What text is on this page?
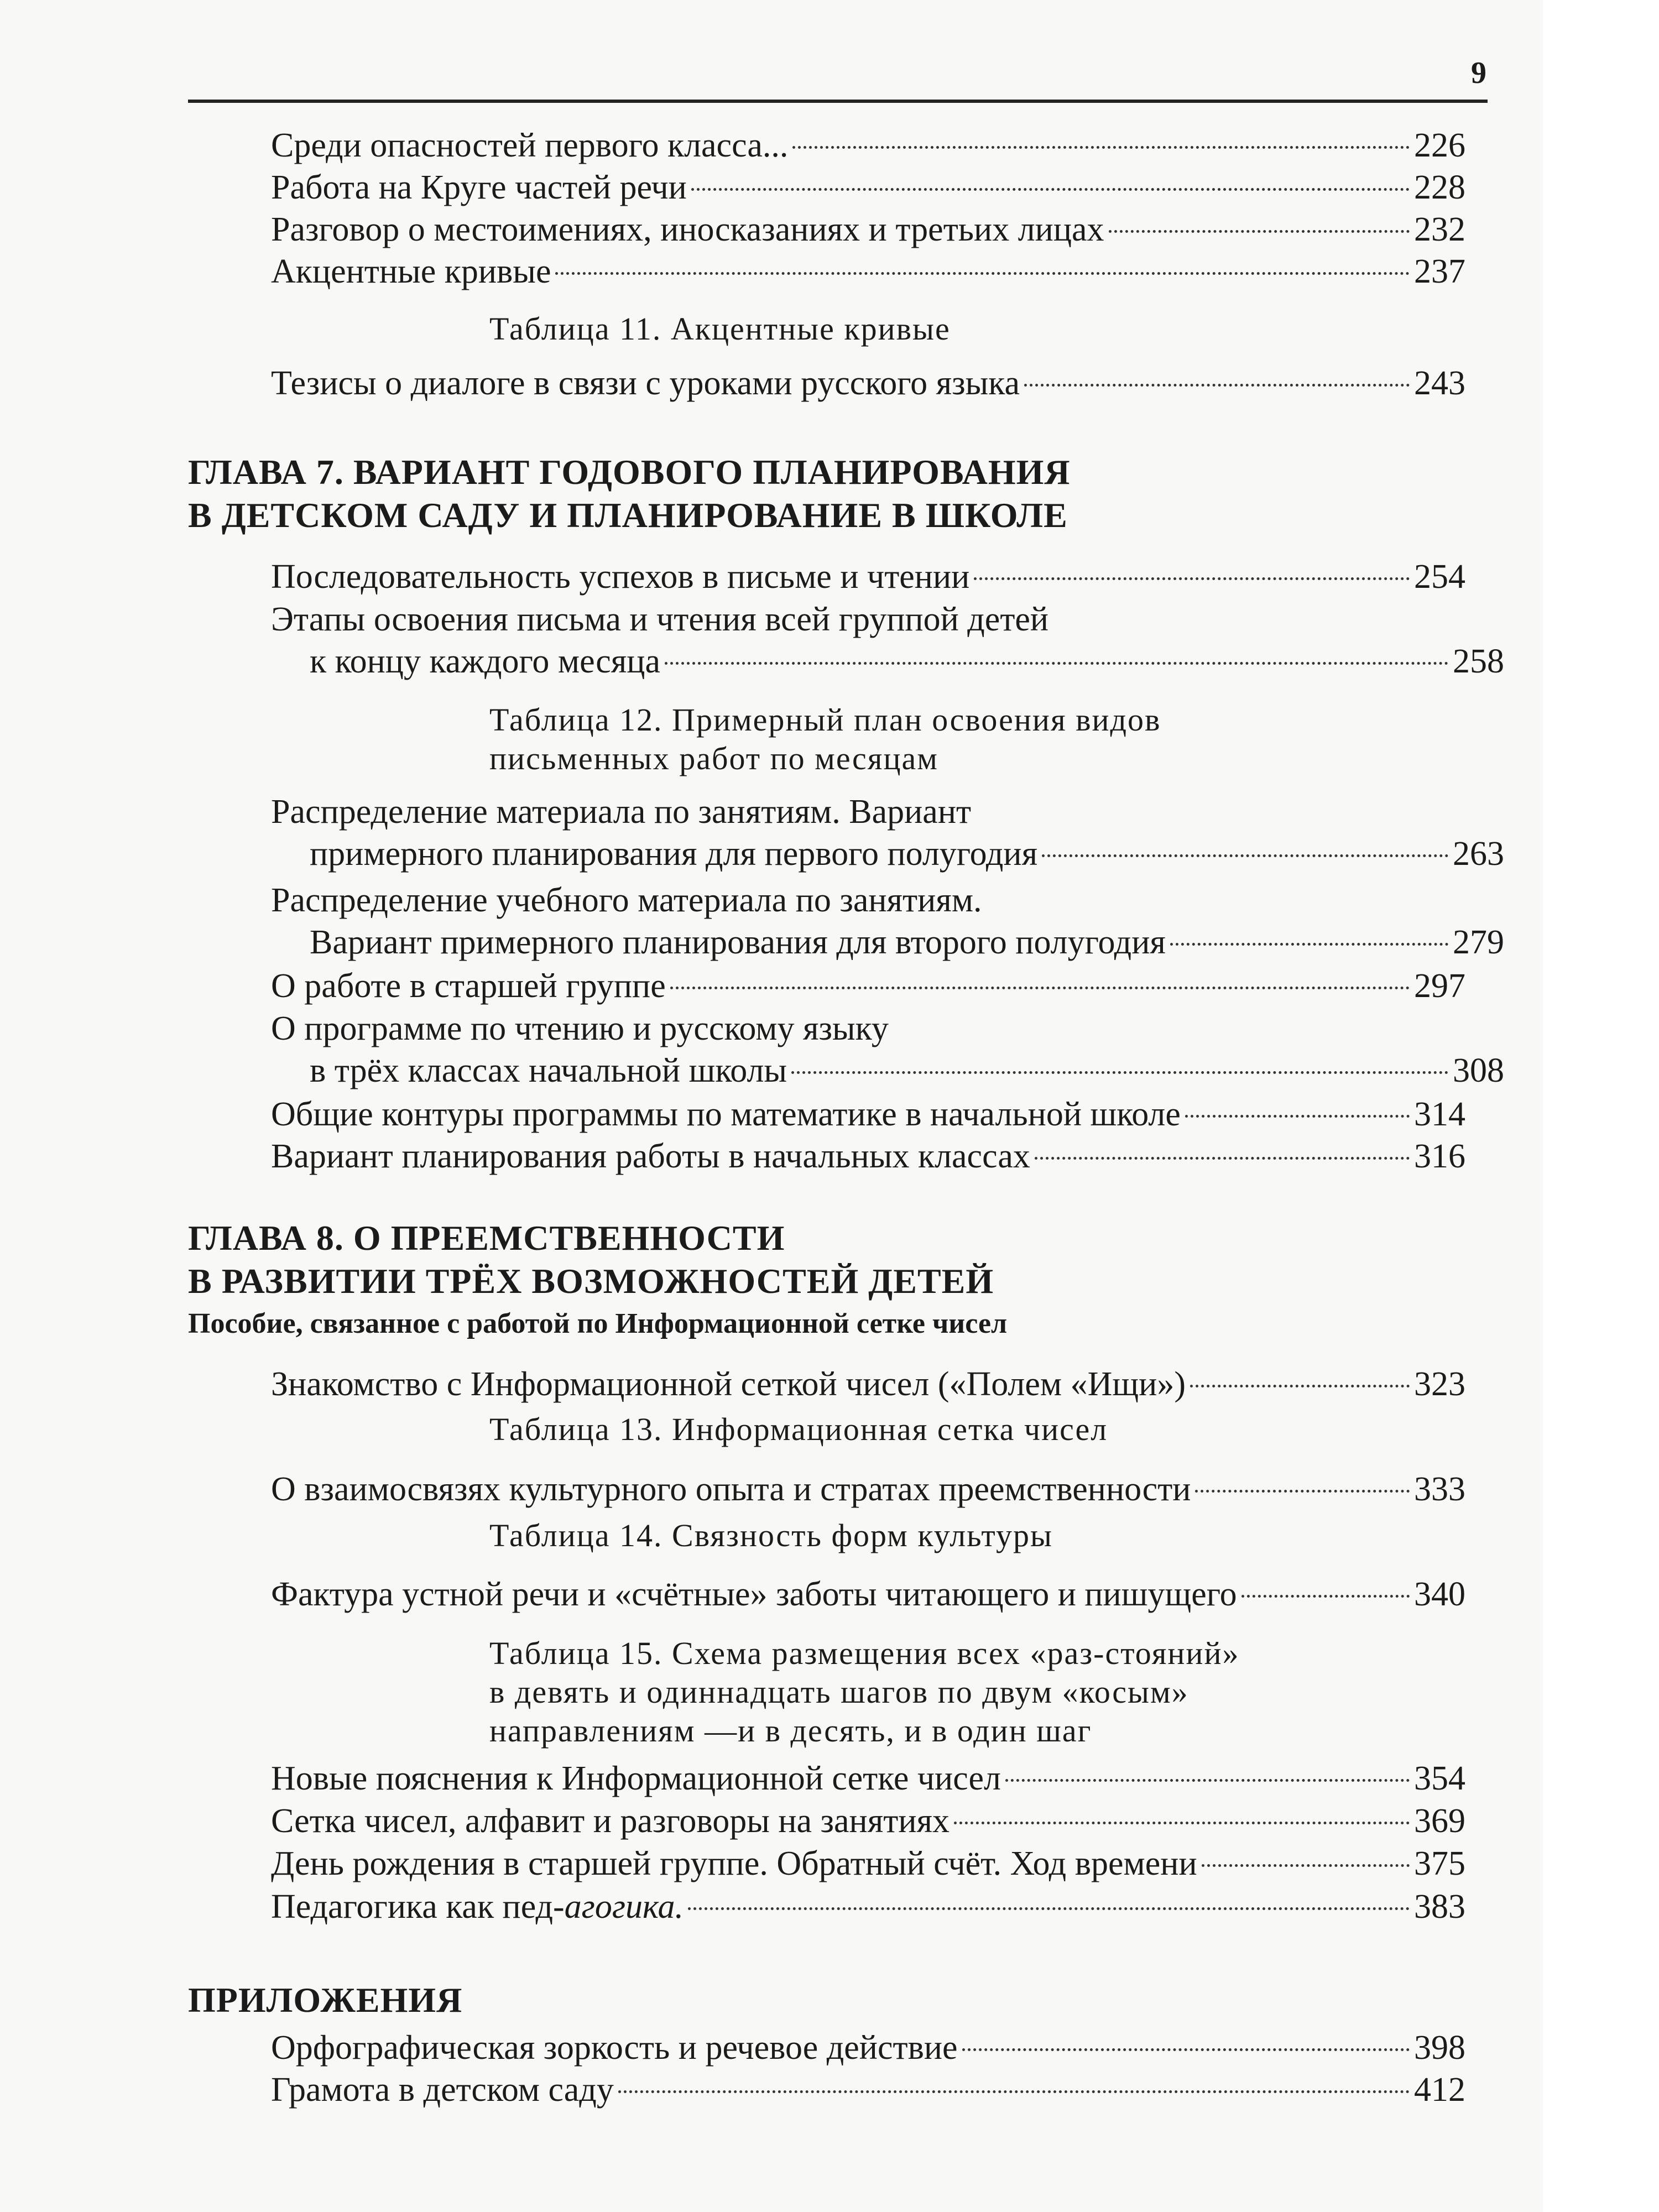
9
Среди опасностей первого класса...	226
Работа на Круге частей речи	228
Разговор о местоимениях, иносказаниях и третьих лицах	232
Акцентные кривые	237
Таблица 11. Акцентные кривые
Тезисы о диалоге в связи с уроками русского языка	243
ГЛАВА 7. ВАРИАНТ ГОДОВОГО ПЛАНИРОВАНИЯ
В ДЕТСКОМ САДУ И ПЛАНИРОВАНИЕ В ШКОЛЕ
Последовательность успехов в письме и чтении	254
Этапы освоения письма и чтения всей группой детей
к концу каждого месяца	258
Таблица 12. Примерный план освоения видов
письменных работ по месяцам
Распределение материала по занятиям. Вариант
примерного планирования для первого полугодия	263
Распределение учебного материала по занятиям.
Вариант примерного планирования для второго полугодия	279
О работе в старшей группе	297
О программе по чтению и русскому языку
в трёх классах начальной школы	308
Общие контуры программы по математике в начальной школе	314
Вариант планирования работы в начальных классах	316
ГЛАВА 8. О ПРЕЕМСТВЕННОСТИ
В РАЗВИТИИ ТРЁХ ВОЗМОЖНОСТЕЙ ДЕТЕЙ
Пособие, связанное с работой по Информационной сетке чисел
Знакомство с Информационной сеткой чисел («Полем «Ищи»)	323
Таблица 13. Информационная сетка чисел
О взаимосвязях культурного опыта и стратах преемственности	333
Таблица 14. Связность форм культуры
Фактура устной речи и «счётные» заботы читающего и пишущего	340
Таблица 15. Схема размещения всех «раз-стояний»
в девять и одиннадцать шагов по двум «косым»
направлениям —и в десять, и в один шаг
Новые пояснения к Информационной сетке чисел	354
Сетка чисел, алфавит и разговоры на занятиях	369
День рождения в старшей группе. Обратный счёт. Ход времени	375
Педагогика как пед-агогика.	383
ПРИЛОЖЕНИЯ
Орфографическая зоркость и речевое действие	398
Грамота в детском саду	412
